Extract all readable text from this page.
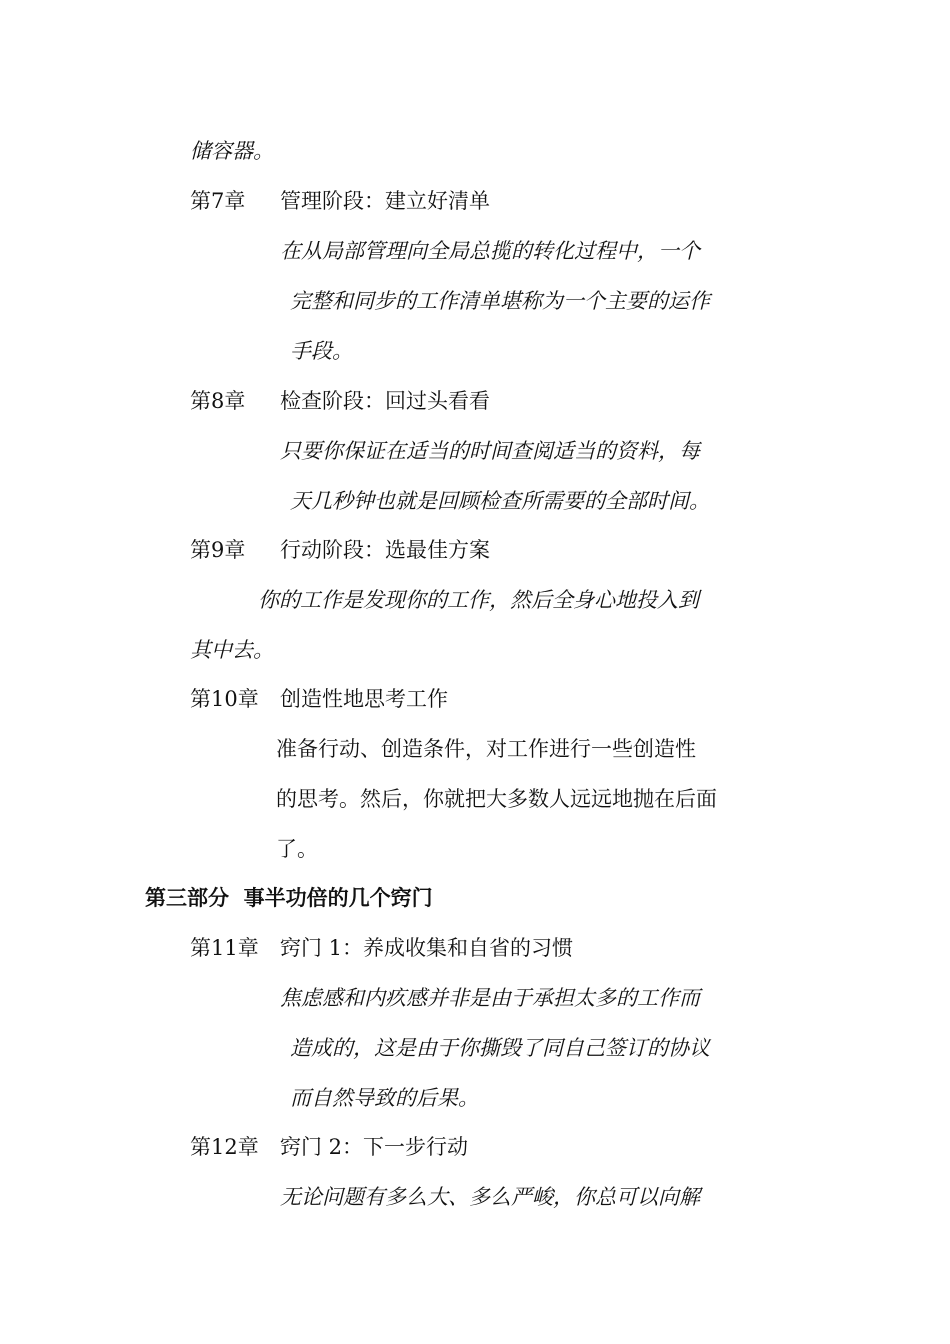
储容器。
第7章 管理阶段：建立好清单
在从局部管理向全局总揽的转化过程中，一个
完整和同步的工作清单堪称为一个主要的运作
手段。
第8章 检查阶段：回过头看看
只要你保证在适当的时间查阅适当的资料，每
天几秒钟也就是回顾检查所需要的全部时间。
第9章 行动阶段：选最佳方案
你的工作是发现你的工作，然后全身心地投入到
其中去。
第10章 创造性地思考工作
准备行动、创造条件，对工作进行一些创造性
的思考。然后，你就把大多数人远远地抛在后面
了。
第三部分  事半功倍的几个窍门
第11章 窍门 1：养成收集和自省的习惯
焦虑感和内疚感并非是由于承担太多的工作而
造成的，这是由于你撕毁了同自己签订的协议
而自然导致的后果。
第12章 窍门 2：下一步行动
无论问题有多么大、多么严峻，你总可以向解
